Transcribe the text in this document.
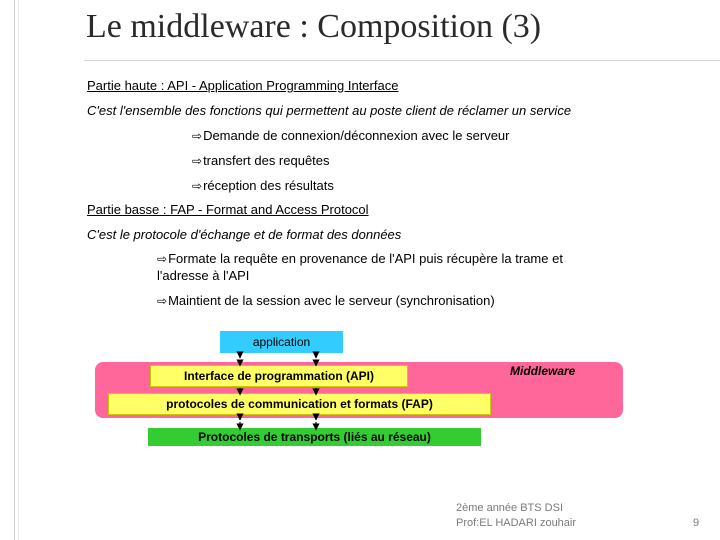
Le middleware : Composition (3)
Partie haute : API - Application Programming Interface
C'est l'ensemble des fonctions qui permettent au poste client de réclamer un service
⇨Demande de connexion/déconnexion avec le serveur
⇨transfert des requêtes
⇨réception des résultats
Partie basse : FAP - Format and Access Protocol
C'est le protocole d'échange et de format des données
⇨Formate la requête en provenance de l'API puis récupère la trame et
l'adresse à l'API
⇨Maintient de la session avec le serveur (synchronisation)
application
Middleware
Interface de programmation (API)
protocoles de communication et formats (FAP)
Protocoles de transports (liés au réseau)
2ème année BTS DSI
Prof:EL HADARI zouhair	9
